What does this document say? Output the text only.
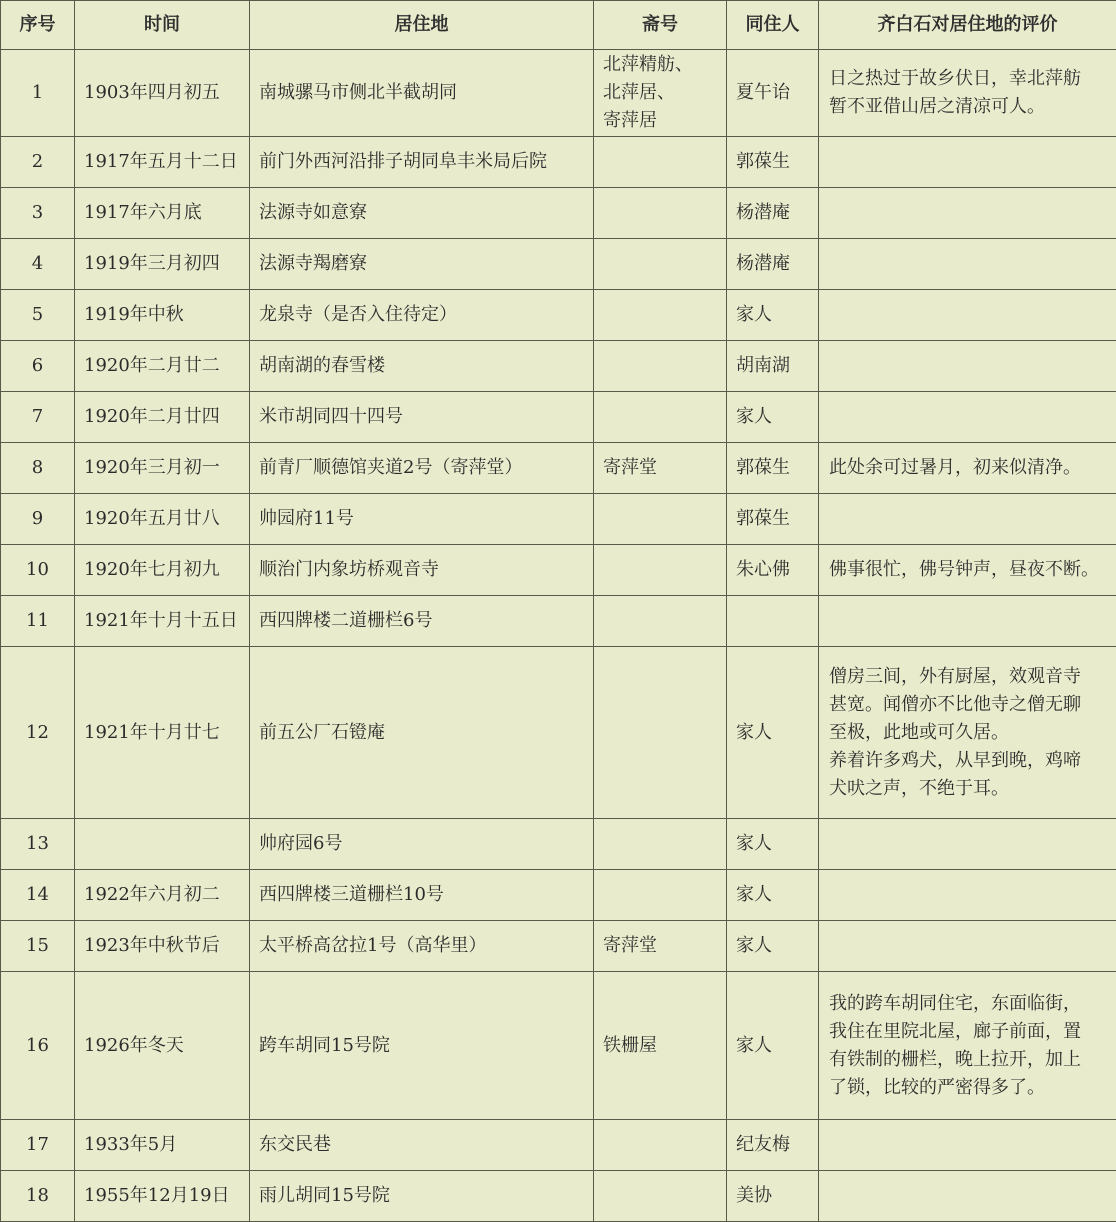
序号	时间	居住地	斋号	同住人	齐白石对居住地的评价
1	1903年四月初五	南城骡马市侧北半截胡同	北萍精舫、
北萍居、
寄萍居	夏午诒	日之热过于故乡伏日，幸北萍舫
暂不亚借山居之清凉可人。

2	1917年五月十二日	前门外西河沿排子胡同阜丰米局后院		郭葆生	
3	1917年六月底	法源寺如意寮		杨潜庵	
4	1919年三月初四	法源寺羯磨寮		杨潜庵	
5	1919年中秋	龙泉寺（是否入住待定）		家人	
6	1920年二月廿二	胡南湖的春雪楼		胡南湖	
7	1920年二月廿四	米市胡同四十四号		家人	
8	1920年三月初一	前青厂顺德馆夹道2号（寄萍堂）	寄萍堂	郭葆生	此处余可过暑月，初来似清净。

9	1920年五月廿八	帅园府11号		郭葆生	
10	1920年七月初九	顺治门内象坊桥观音寺		朱心佛	佛事很忙，佛号钟声，昼夜不断。

11	1921年十月十五日	西四牌楼二道栅栏6号			
12	1921年十月廿七	前五公厂石镫庵		家人	僧房三间，外有厨屋，效观音寺
甚宽。闻僧亦不比他寺之僧无聊
至极，此地或可久居。
养着许多鸡犬，从早到晚，鸡啼
犬吠之声，不绝于耳。

13		帅府园6号		家人	
14	1922年六月初二	西四牌楼三道栅栏10号		家人	
15	1923年中秋节后	太平桥高岔拉1号（高华里）	寄萍堂	家人	
16	1926年冬天	跨车胡同15号院	铁栅屋	家人	我的跨车胡同住宅，东面临街，
我住在里院北屋，廊子前面，置
有铁制的栅栏，晚上拉开，加上
了锁，比较的严密得多了。

17	1933年5月	东交民巷		纪友梅	
18	1955年12月19日	雨儿胡同15号院		美协	
